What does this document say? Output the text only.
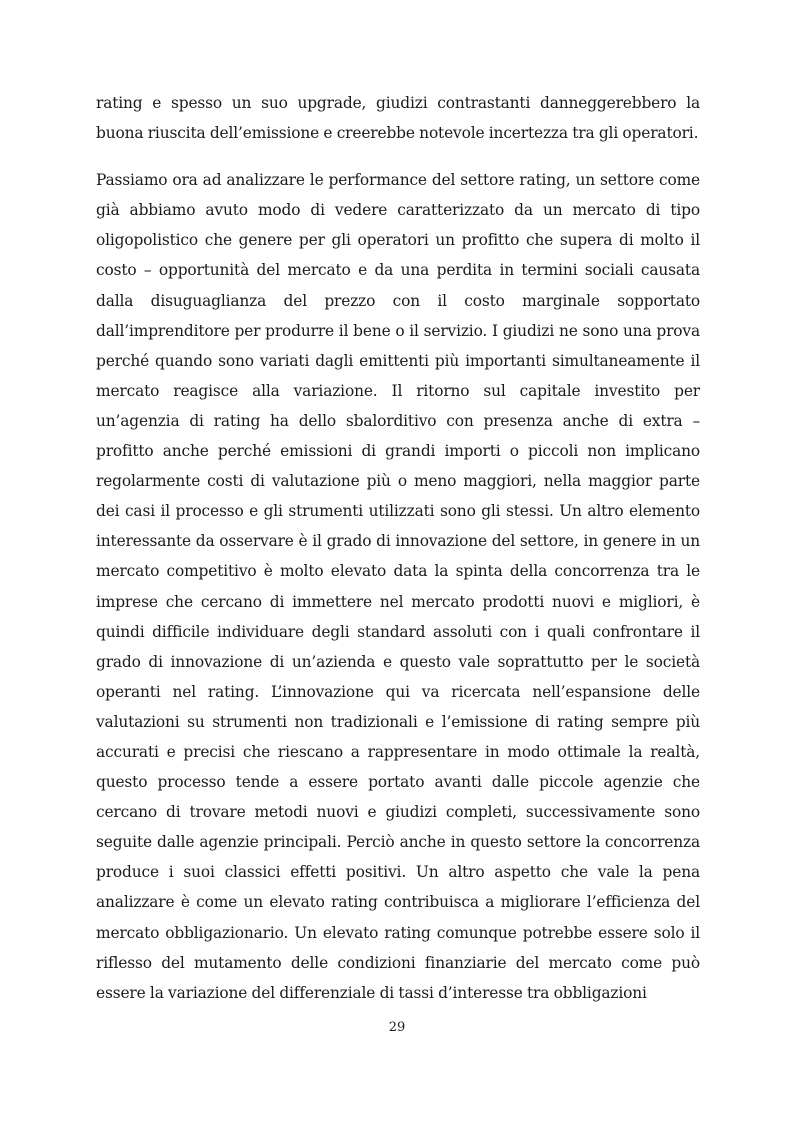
rating e spesso un suo upgrade, giudizi contrastanti danneggerebbero la buona riuscita dell’emissione e creerebbe notevole incertezza tra gli operatori.

Passiamo ora ad analizzare le performance del settore rating, un settore come già abbiamo avuto modo di vedere caratterizzato da un mercato di tipo oligopolistico che genere per gli operatori un profitto che supera di molto il costo – opportunità del mercato e da una perdita in termini sociali causata dalla disuguaglianza del prezzo con il costo marginale sopportato dall’imprenditore per produrre il bene o il servizio. I giudizi ne sono una prova perché quando sono variati dagli emittenti più importanti simultaneamente il mercato reagisce alla variazione. Il ritorno sul capitale investito per un’agenzia di rating ha dello sbalorditivo con presenza anche di extra – profitto anche perché emissioni di grandi importi o piccoli non implicano regolarmente costi di valutazione più o meno maggiori, nella maggior parte dei casi il processo e gli strumenti utilizzati sono gli stessi. Un altro elemento interessante da osservare è il grado di innovazione del settore, in genere in un mercato competitivo è molto elevato data la spinta della concorrenza tra le imprese che cercano di immettere nel mercato prodotti nuovi e migliori, è quindi difficile individuare degli standard assoluti con i quali confrontare il grado di innovazione di un’azienda e questo vale soprattutto per le società operanti nel rating. L’innovazione qui va ricercata nell’espansione delle valutazioni su strumenti non tradizionali e l’emissione di rating sempre più accurati e precisi che riescano a rappresentare in modo ottimale la realtà, questo processo tende a essere portato avanti dalle piccole agenzie che cercano di trovare metodi nuovi e giudizi completi, successivamente sono seguite dalle agenzie principali. Perciò anche in questo settore la concorrenza produce i suoi classici effetti positivi. Un altro aspetto che vale la pena analizzare è come un elevato rating contribuisca a migliorare l’efficienza del mercato obbligazionario. Un elevato rating comunque potrebbe essere solo il riflesso del mutamento delle condizioni finanziarie del mercato come può essere la variazione del differenziale di tassi d’interesse tra obbligazioni

29
